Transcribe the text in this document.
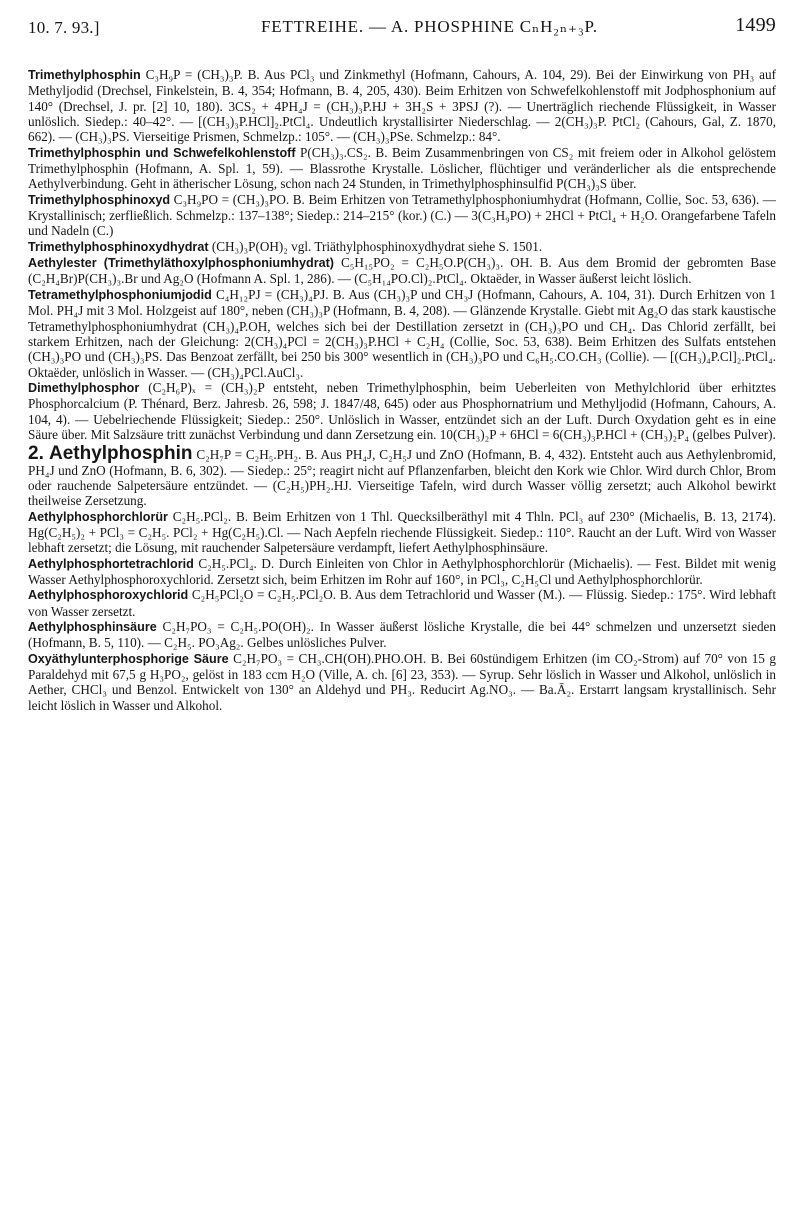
10. 7. 93.]	FETTREIHE. — A. PHOSPHINE CₙH₂ₙ₊₃P.	1499

Trimethylphosphin C₃H₉P = (CH₃)₃P. B. Aus PCl₃ und Zinkmethyl (Hofmann, Cahours, A. 104, 29). Bei der Einwirkung von PH₃ auf Methyljodid (Drechsel, Finkelstein, B. 4, 354; Hofmann, B. 4, 205, 430). Beim Erhitzen von Schwefelkohlenstoff mit Jodphosphonium auf 140° (Drechsel, J. pr. [2] 10, 180). 3CS₂ + 4PH₄J = (CH₃)₃P.HJ + 3H₂S + 3PSJ (?). — Unerträglich riechende Flüssigkeit, in Wasser unlöslich. Siedep.: 40–42°. — [(CH₃)₃P.HCl]₂.PtCl₄. Undeutlich krystallisirter Niederschlag. — 2(CH₃)₃P. PtCl₂ (Cahours, Gal, Z. 1870, 662). — (CH₃)₃PS. Vierseitige Prismen, Schmelzp.: 105°. — (CH₃)₃PSe. Schmelzp.: 84°.

Trimethylphosphin und Schwefelkohlenstoff P(CH₃)₃.CS₂. B. Beim Zusammenbringen von CS₂ mit freiem oder in Alkohol gelöstem Trimethylphosphin (Hofmann, A. Spl. 1, 59). — Blassrothe Krystalle. Löslicher, flüchtiger und veränderlicher als die entsprechende Aethylverbindung. Geht in ätherischer Lösung, schon nach 24 Stunden, in Trimethylphosphinsulfid P(CH₃)₃S über.

Trimethylphosphinoxyd C₃H₉PO = (CH₃)₃PO. B. Beim Erhitzen von Tetramethylphosphoniumhydrat (Hofmann, Collie, Soc. 53, 636). — Krystallinisch; zerfließlich. Schmelzp.: 137–138°; Siedep.: 214–215° (kor.) (C.) — 3(C₃H₉PO) + 2HCl + PtCl₄ + H₂O. Orangefarbene Tafeln und Nadeln (C.)

Trimethylphosphinoxydhydrat (CH₃)₃P(OH)₂ vgl. Triäthylphosphinoxydhydrat siehe S. 1501.

Aethylester (Trimethyläthoxylphosphoniumhydrat) C₅H₁₅PO₂ = C₂H₅O.P(CH₃)₃. OH. B. Aus dem Bromid der gebromten Base (C₂H₄Br)P(CH₃)₃.Br und Ag₂O (Hofmann A. Spl. 1, 286). — (C₅H₁₄PO.Cl)₂.PtCl₄. Oktaëder, in Wasser äußerst leicht löslich.

Tetramethylphosphoniumjodid C₄H₁₂PJ = (CH₃)₄PJ. B. Aus (CH₃)₃P und CH₃J (Hofmann, Cahours, A. 104, 31). Durch Erhitzen von 1 Mol. PH₄J mit 3 Mol. Holzgeist auf 180°, neben (CH₃)₃P (Hofmann, B. 4, 208). — Glänzende Krystalle. Giebt mit Ag₂O das stark kaustische Tetramethylphosphoniumhydrat (CH₃)₄P.OH, welches sich bei der Destillation zersetzt in (CH₃)₃PO und CH₄. Das Chlorid zerfällt, bei starkem Erhitzen, nach der Gleichung: 2(CH₃)₄PCl = 2(CH₃)₃P.HCl + C₂H₄ (Collie, Soc. 53, 638). Beim Erhitzen des Sulfats entstehen (CH₃)₃PO und (CH₃)₃PS. Das Benzoat zerfällt, bei 250 bis 300° wesentlich in (CH₃)₃PO und C₆H₅.CO.CH₃ (Collie). — [(CH₃)₄P.Cl]₂.PtCl₄. Oktaëder, unlöslich in Wasser. — (CH₃)₄PCl.AuCl₃.

Dimethylphosphor (C₂H₆P)ₓ = (CH₃)₂P entsteht, neben Trimethylphosphin, beim Ueberleiten von Methylchlorid über erhitztes Phosphorcalcium (P. Thénard, Berz. Jahresb. 26, 598; J. 1847/48, 645) oder aus Phosphornatrium und Methyljodid (Hofmann, Cahours, A. 104, 4). — Uebelriechende Flüssigkeit; Siedep.: 250°. Unlöslich in Wasser, entzündet sich an der Luft. Durch Oxydation geht es in eine Säure über. Mit Salzsäure tritt zunächst Verbindung und dann Zersetzung ein. 10(CH₃)₂P + 6HCl = 6(CH₃)₃P.HCl + (CH₃)₂P₄ (gelbes Pulver).

2. Aethylphosphin C₂H₇P = C₂H₅.PH₂. B. Aus PH₄J, C₂H₅J und ZnO (Hofmann, B. 4, 432). Entsteht auch aus Aethylenbromid, PH₄J und ZnO (Hofmann, B. 6, 302). — Siedep.: 25°; reagirt nicht auf Pflanzenfarben, bleicht den Kork wie Chlor. Wird durch Chlor, Brom oder rauchende Salpetersäure entzündet. — (C₂H₅)PH₂.HJ. Vierseitige Tafeln, wird durch Wasser völlig zersetzt; auch Alkohol bewirkt theilweise Zersetzung.

Aethylphosphorchlorür C₂H₅.PCl₂. B. Beim Erhitzen von 1 Thl. Quecksilberäthyl mit 4 Thln. PCl₃ auf 230° (Michaelis, B. 13, 2174). Hg(C₂H₅)₂ + PCl₃ = C₂H₅. PCl₂ + Hg(C₂H₅).Cl. — Nach Aepfeln riechende Flüssigkeit. Siedep.: 110°. Raucht an der Luft. Wird von Wasser lebhaft zersetzt; die Lösung, mit rauchender Salpetersäure verdampft, liefert Aethylphosphinsäure.

Aethylphosphortetrachlorid C₂H₅.PCl₄. D. Durch Einleiten von Chlor in Aethylphosphorchlorür (Michaelis). — Fest. Bildet mit wenig Wasser Aethylphosphoroxychlorid. Zersetzt sich, beim Erhitzen im Rohr auf 160°, in PCl₃, C₂H₅Cl und Aethylphosphorchlorür.

Aethylphosphoroxychlorid C₂H₅PCl₂O = C₂H₅.PCl₂O. B. Aus dem Tetrachlorid und Wasser (M.). — Flüssig. Siedep.: 175°. Wird lebhaft von Wasser zersetzt.

Aethylphosphinsäure C₂H₇PO₃ = C₂H₅.PO(OH)₂. In Wasser äußerst lösliche Krystalle, die bei 44° schmelzen und unzersetzt sieden (Hofmann, B. 5, 110). — C₂H₅. PO₃Ag₂. Gelbes unlösliches Pulver.

Oxyäthylunterphosphorige Säure C₂H₇PO₃ = CH₃.CH(OH).PHO.OH. B. Bei 60stündigem Erhitzen (im CO₂-Strom) auf 70° von 15 g Paraldehyd mit 67,5 g H₃PO₂, gelöst in 183 ccm H₂O (Ville, A. ch. [6] 23, 353). — Syrup. Sehr löslich in Wasser und Alkohol, unlöslich in Aether, CHCl₃ und Benzol. Entwickelt von 130° an Aldehyd und PH₃. Reducirt Ag.NO₃. — Ba.Ā₂. Erstarrt langsam krystallinisch. Sehr leicht löslich in Wasser und Alkohol.
